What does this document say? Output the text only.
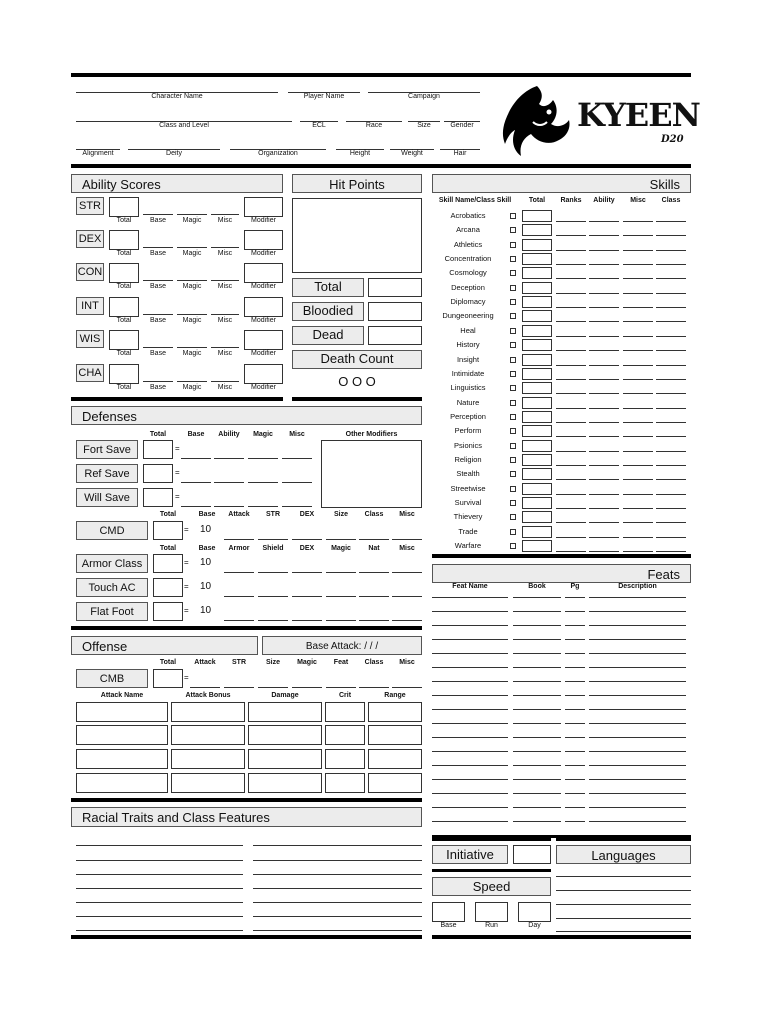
Character Name	Player Name	Campaign
Class and Level	ECL	Race	Size	Gender
Alignment	Deity	Organization	Height	Weight	Hair
KYEEN
D20
Ability Scores
STR
Total	Base	Magic	Misc	Modifier
DEX
Total	Base	Magic	Misc	Modifier
CON
Total	Base	Magic	Misc	Modifier
INT
Total	Base	Magic	Misc	Modifier
WIS
Total	Base	Magic	Misc	Modifier
CHA
Total	Base	Magic	Misc	Modifier
Hit Points
Total
Bloodied
Dead
Death Count
O O O
Defenses
Total	Base	Ability	Magic	Misc	Other Modifiers
Fort Save	=
Ref Save	=
Will Save	=
Total	Base	Attack	STR	DEX	Size	Class	Misc
CMD	= 10
Total	Base	Armor	Shield	DEX	Magic	Nat	Misc
Armor Class	= 10
Touch AC	= 10
Flat Foot	= 10
Offense	Base Attack: / / /
Total	Attack	STR	Size	Magic	Feat	Class	Misc
CMB	=
Attack Name	Attack Bonus	Damage	Crit	Range
Racial Traits and Class Features
Skills
Skill Name/Class Skill	Total	Ranks	Ability	Misc	Class
Acrobatics
Arcana
Athletics
Concentration
Cosmology
Deception
Diplomacy
Dungeoneering
Heal
History
Insight
Intimidate
Linguistics
Nature
Perception
Perform
Psionics
Religion
Stealth
Streetwise
Survival
Thievery
Trade
Warfare
Feats
Feat Name	Book	Pg	Description
Initiative
Speed
Base	Run	Day
Languages
